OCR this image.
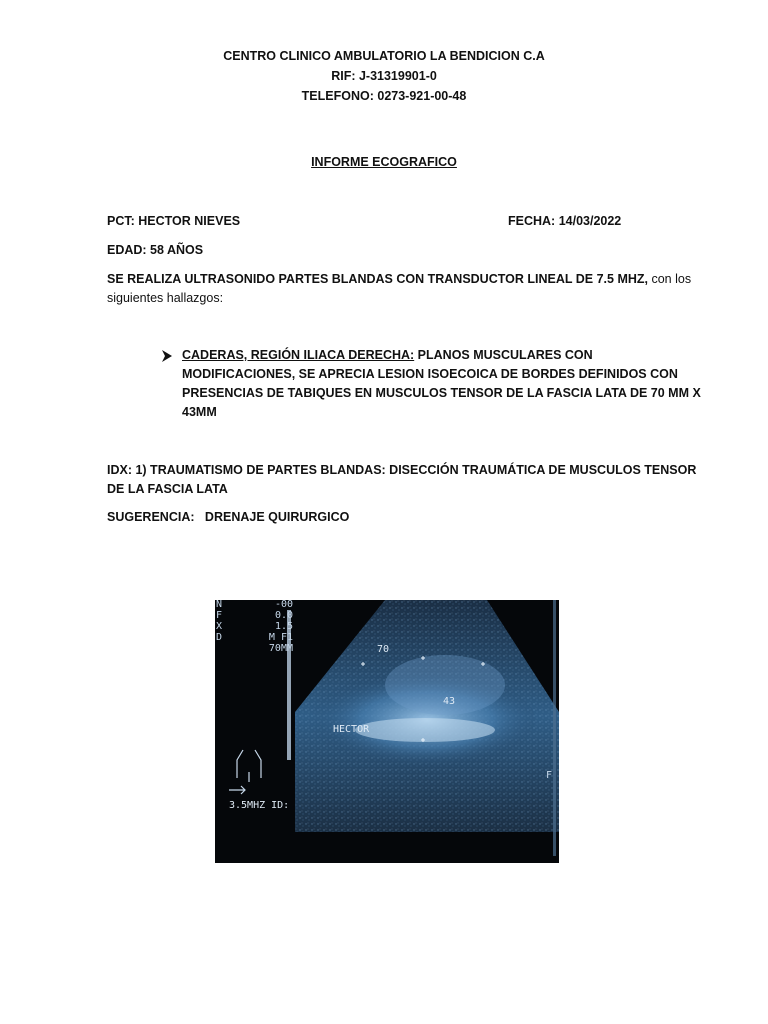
CENTRO CLINICO AMBULATORIO LA BENDICION C.A
RIF: J-31319901-0
TELEFONO: 0273-921-00-48
INFORME ECOGRAFICO
PCT: HECTOR NIEVES	FECHA: 14/03/2022
EDAD: 58 AÑOS
SE REALIZA ULTRASONIDO PARTES BLANDAS CON TRANSDUCTOR LINEAL DE 7.5 MHZ, con los
siguientes hallazgos:
CADERAS, REGIÓN ILIACA DERECHA: PLANOS MUSCULARES CON
MODIFICACIONES, SE APRECIA LESION ISOECOICA DE BORDES DEFINIDOS CON
PRESENCIAS DE TABIQUES EN MUSCULOS TENSOR DE LA FASCIA LATA DE 70 MM X
43MM
IDX: 1) TRAUMATISMO DE PARTES BLANDAS: DISECCIÓN TRAUMÁTICA DE MUSCULOS TENSOR
DE LA FASCIA LATA
SUGERENCIA:   DRENAJE QUIRURGICO
N
F
X
D
-00
0.0
1.5
M F1
70MM	70
43
HECTOR
3.5MHZ ID:
F
